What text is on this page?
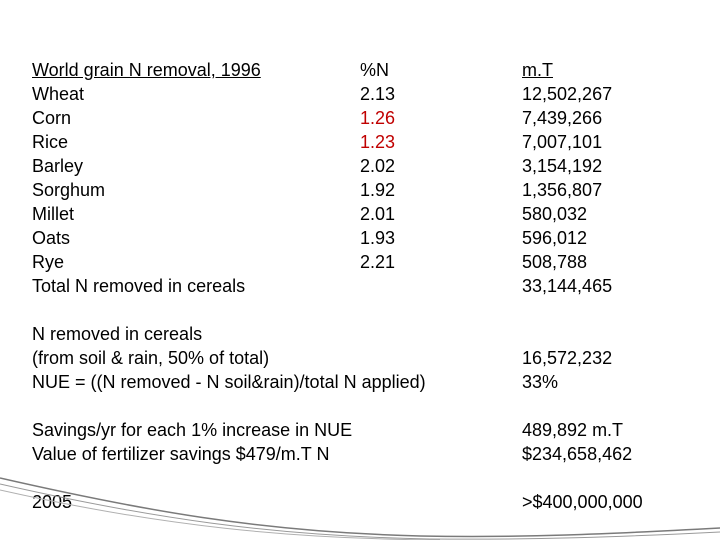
World grain N removal, 1996	%N	m.T
Wheat	2.13	12,502,267
Corn	1.26	7,439,266
Rice	1.23	7,007,101
Barley	2.02	3,154,192
Sorghum	1.92	1,356,807
Millet	2.01	580,032
Oats	1.93	596,012
Rye	2.21	508,788
Total N removed in cereals	33,144,465
N removed in cereals
(from soil & rain, 50% of total)	16,572,232
NUE = ((N removed - N soil&rain)/total N applied)	33%
Savings/yr for each 1% increase in NUE	489,892 m.T
Value of fertilizer savings $479/m.T N	$234,658,462
2005	>$400,000,000
